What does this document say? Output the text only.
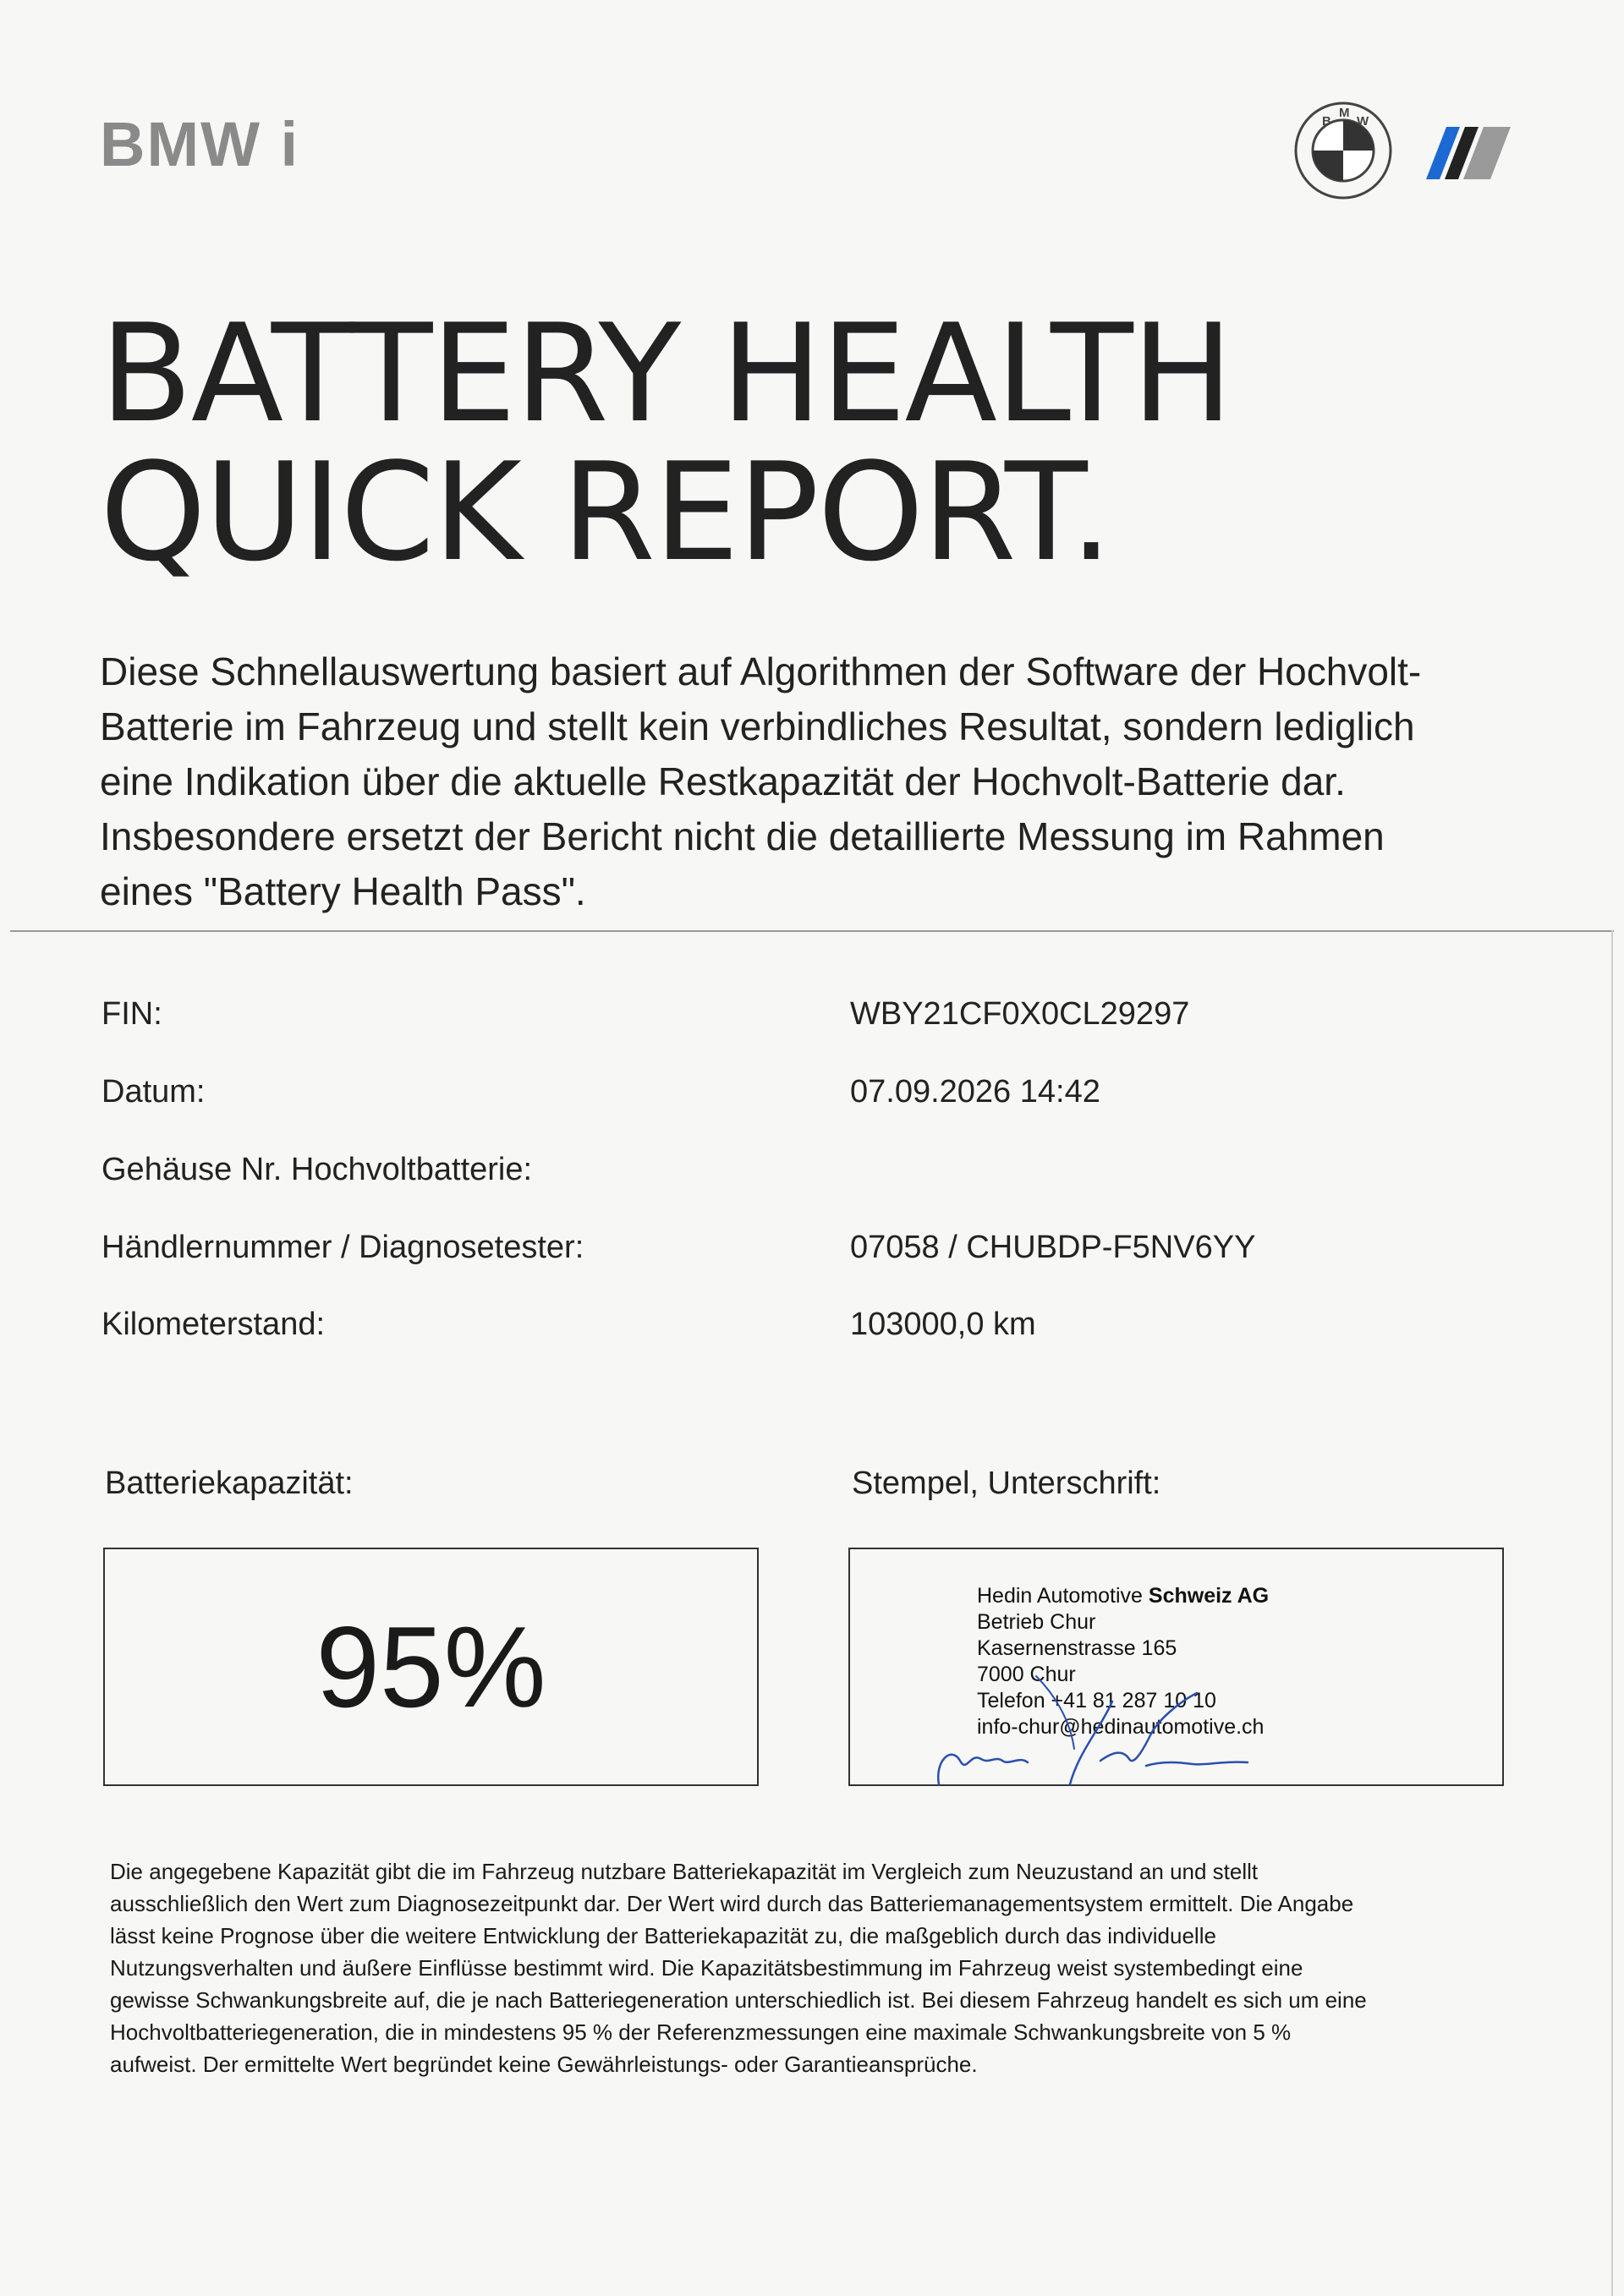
BMW i	B
M
W
BATTERY HEALTH
QUICK REPORT.
Diese Schnellauswertung basiert auf Algorithmen der Software der Hochvolt-
Batterie im Fahrzeug und stellt kein verbindliches Resultat, sondern lediglich
eine Indikation über die aktuelle Restkapazität der Hochvolt-Batterie dar.
Insbesondere ersetzt der Bericht nicht die detaillierte Messung im Rahmen
eines "Battery Health Pass".
FIN:	WBY21CF0X0CL29297
Datum:	07.09.2026 14:42
Gehäuse Nr. Hochvoltbatterie:
Händlernummer / Diagnosetester:	07058 / CHUBDP-F5NV6YY
Kilometerstand:	103000,0 km
Batteriekapazität:	Stempel, Unterschrift:
95%
Hedin Automotive Schweiz AG
Betrieb Chur
Kasernenstrasse 165
7000 Chur
Telefon +41 81 287 10 10
info-chur@hedinautomotive.ch
Die angegebene Kapazität gibt die im Fahrzeug nutzbare Batteriekapazität im Vergleich zum Neuzustand an und stellt
ausschließlich den Wert zum Diagnosezeitpunkt dar. Der Wert wird durch das Batteriemanagementsystem ermittelt. Die Angabe
lässt keine Prognose über die weitere Entwicklung der Batteriekapazität zu, die maßgeblich durch das individuelle
Nutzungsverhalten und äußere Einflüsse bestimmt wird. Die Kapazitätsbestimmung im Fahrzeug weist systembedingt eine
gewisse Schwankungsbreite auf, die je nach Batteriegeneration unterschiedlich ist. Bei diesem Fahrzeug handelt es sich um eine
Hochvoltbatteriegeneration, die in mindestens 95 % der Referenzmessungen eine maximale Schwankungsbreite von 5 %
aufweist. Der ermittelte Wert begründet keine Gewährleistungs- oder Garantieansprüche.
